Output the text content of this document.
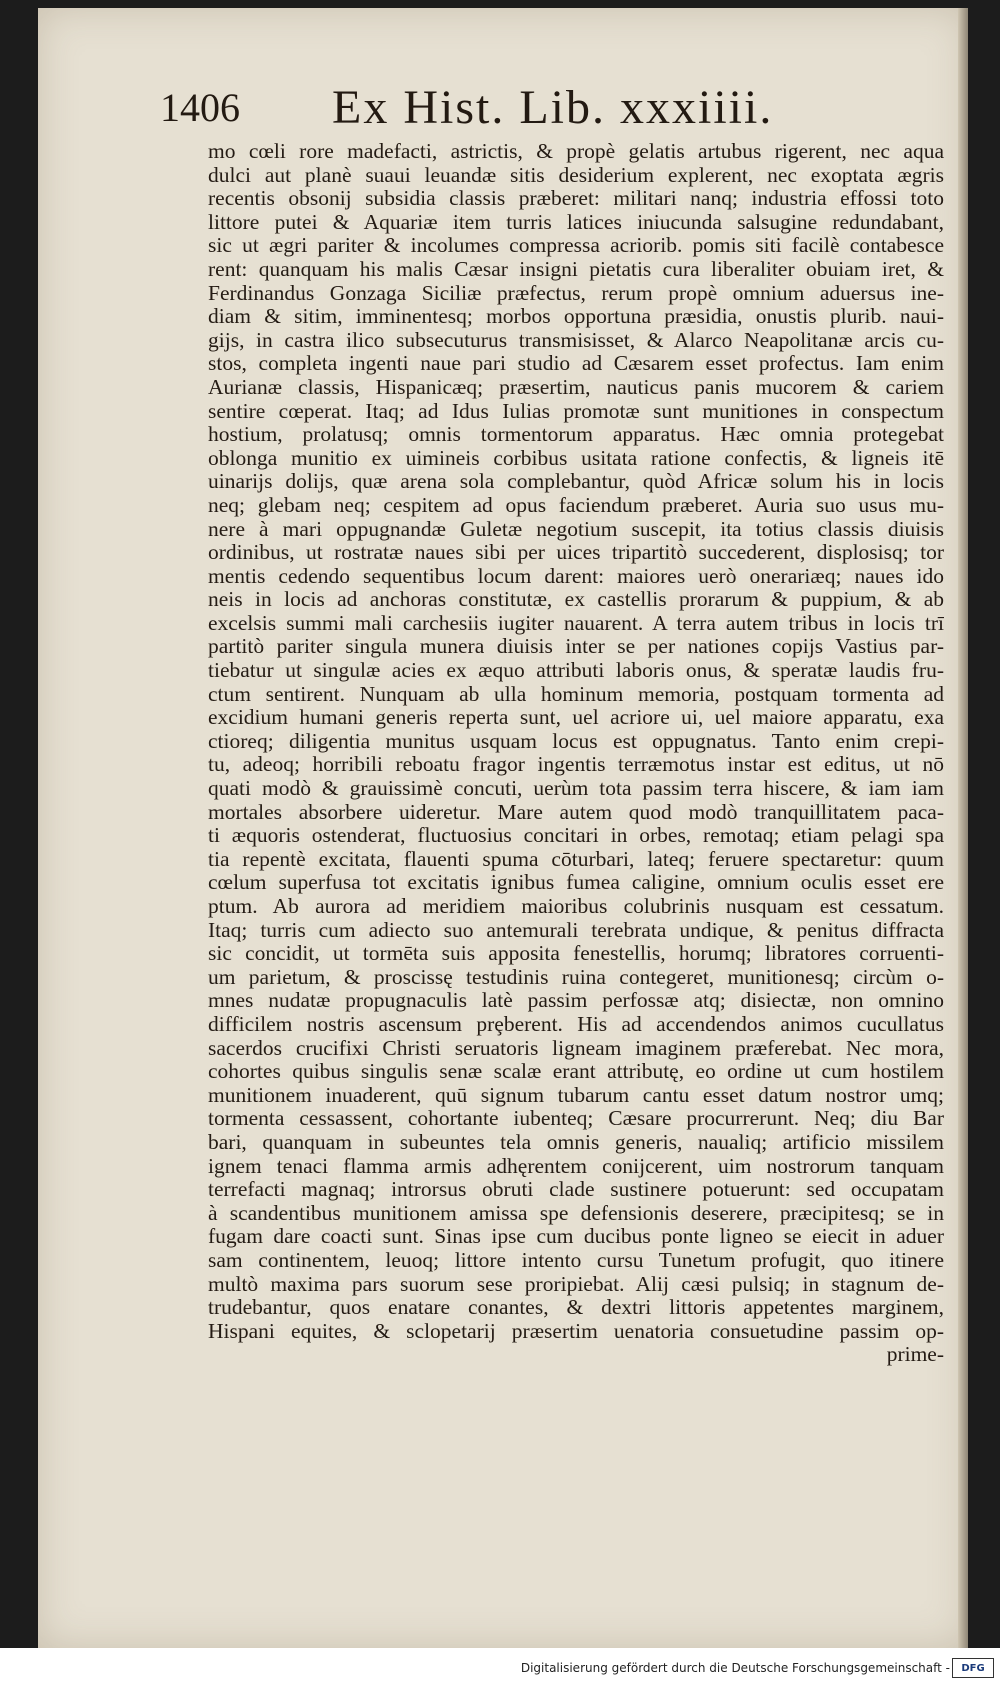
1406 Ex Hist. Lib. xxxiiii.
mo cœli rore madefacti, astrictis, & propè gelatis artubus rigerent, nec aqua
dulci aut planè suaui leuandæ sitis desiderium explerent, nec exoptata ægris
recentis obsonij subsidia classis præberet: militari nanq; industria effossi toto
littore putei & Aquariæ item turris latices iniucunda salsugine redundabant,
sic ut ægri pariter & incolumes compressa acriorib. pomis siti facilè contabesce
rent: quanquam his malis Cæsar insigni pietatis cura liberaliter obuiam iret, &
Ferdinandus Gonzaga Siciliæ præfectus, rerum propè omnium aduersus ine-
diam & sitim, imminentesq; morbos opportuna præsidia, onustis plurib. naui-
gijs, in castra ilico subsecuturus transmisisset, & Alarco Neapolitanæ arcis cu-
stos, completa ingenti naue pari studio ad Cæsarem esset profectus. Iam enim
Aurianæ classis, Hispanicæq; præsertim, nauticus panis mucorem & cariem
sentire cœperat. Itaq; ad Idus Iulias promotæ sunt munitiones in conspectum
hostium, prolatusq; omnis tormentorum apparatus. Hæc omnia protegebat
oblonga munitio ex uimineis corbibus usitata ratione confectis, & ligneis itē
uinarijs dolijs, quæ arena sola complebantur, quòd Africæ solum his in locis
neq; glebam neq; cespitem ad opus faciendum præberet. Auria suo usus mu-
nere à mari oppugnandæ Guletæ negotium suscepit, ita totius classis diuisis
ordinibus, ut rostratæ naues sibi per uices tripartitò succederent, displosisq; tor
mentis cedendo sequentibus locum darent: maiores uerò onerariæq; naues ido
neis in locis ad anchoras constitutæ, ex castellis prorarum & puppium, & ab
excelsis summi mali carchesiis iugiter nauarent. A terra autem tribus in locis trī
partitò pariter singula munera diuisis inter se per nationes copijs Vastius par-
tiebatur ut singulæ acies ex æquo attributi laboris onus, & speratæ laudis fru-
ctum sentirent. Nunquam ab ulla hominum memoria, postquam tormenta ad
excidium humani generis reperta sunt, uel acriore ui, uel maiore apparatu, exa
ctioreq; diligentia munitus usquam locus est oppugnatus. Tanto enim crepi-
tu, adeoq; horribili reboatu fragor ingentis terræmotus instar est editus, ut nō
quati modò & grauissimè concuti, uerùm tota passim terra hiscere, & iam iam
mortales absorbere uideretur. Mare autem quod modò tranquillitatem paca-
ti æquoris ostenderat, fluctuosius concitari in orbes, remotaq; etiam pelagi spa
tia repentè excitata, flauenti spuma cōturbari, lateq; feruere spectaretur: quum
cœlum superfusa tot excitatis ignibus fumea caligine, omnium oculis esset ere
ptum. Ab aurora ad meridiem maioribus colubrinis nusquam est cessatum.
Itaq; turris cum adiecto suo antemurali terebrata undique, & penitus diffracta
sic concidit, ut tormēta suis apposita fenestellis, horumq; libratores corruenti-
um parietum, & proscissę testudinis ruina contegeret, munitionesq; circùm o-
mnes nudatæ propugnaculis latè passim perfossæ atq; disiectæ, non omnino
difficilem nostris ascensum prȩberent. His ad accendendos animos cucullatus
sacerdos crucifixi Christi seruatoris ligneam imaginem præferebat. Nec mora,
cohortes quibus singulis senæ scalæ erant attributę, eo ordine ut cum hostilem
munitionem inuaderent, quū signum tubarum cantu esset datum nostror umq;
tormenta cessassent, cohortante iubenteq; Cæsare procurrerunt. Neq; diu Bar
bari, quanquam in subeuntes tela omnis generis, naualiq; artificio missilem
ignem tenaci flamma armis adhęrentem conijcerent, uim nostrorum tanquam
terrefacti magnaq; introrsus obruti clade sustinere potuerunt: sed occupatam
à scandentibus munitionem amissa spe defensionis deserere, præcipitesq; se in
fugam dare coacti sunt. Sinas ipse cum ducibus ponte ligneo se eiecit in aduer
sam continentem, leuoq; littore intento cursu Tunetum profugit, quo itinere
multò maxima pars suorum sese proripiebat. Alij cæsi pulsiq; in stagnum de-
trudebantur, quos enatare conantes, & dextri littoris appetentes marginem,
Hispani equites, & sclopetarij præsertim uenatoria consuetudine passim op-
prime-
Digitalisierung gefördert durch die Deutsche Forschungsgemeinschaft -	DFG
